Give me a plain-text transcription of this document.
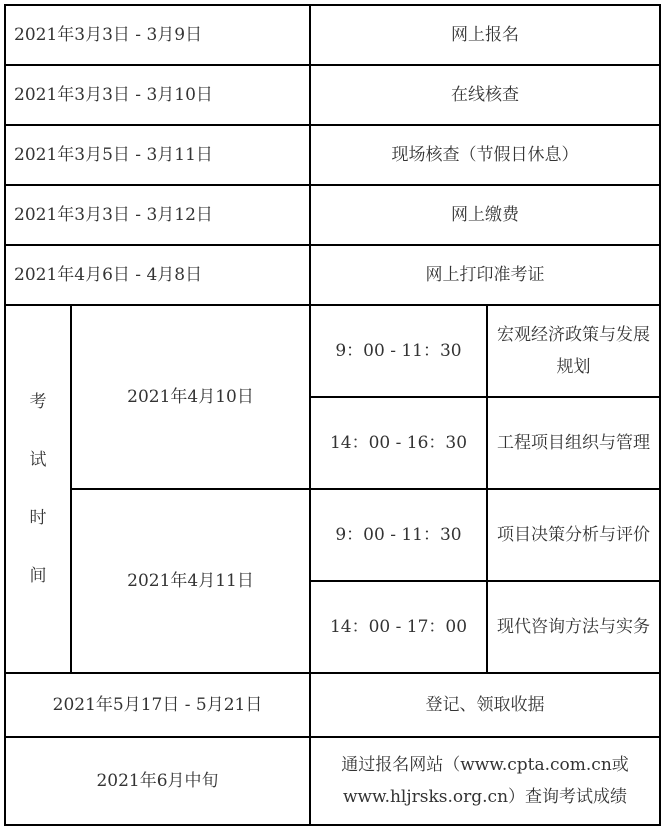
2021年3月3日 - 3月9日		网上报名	
2021年3月3日 - 3月10日		在线核查	
2021年3月5日 - 3月11日		现场核查（节假日休息）	
2021年3月3日 - 3月12日		网上缴费	
2021年4月6日 - 4月8日		网上打印准考证	

考
试
时
间	2021年4月10日	9：00 - 11：30	宏观经济政策与发展规划
		14：00 - 16：30	工程项目组织与管理
	2021年4月11日	9：00 - 11：30	项目决策分析与评价
		14：00 - 17：00	现代咨询方法与实务
2021年5月17日 - 5月21日		登记、领取收据	
2021年6月中旬		通过报名网站（www.cpta.com.cn或www.hljrsks.org.cn）查询考试成绩	
